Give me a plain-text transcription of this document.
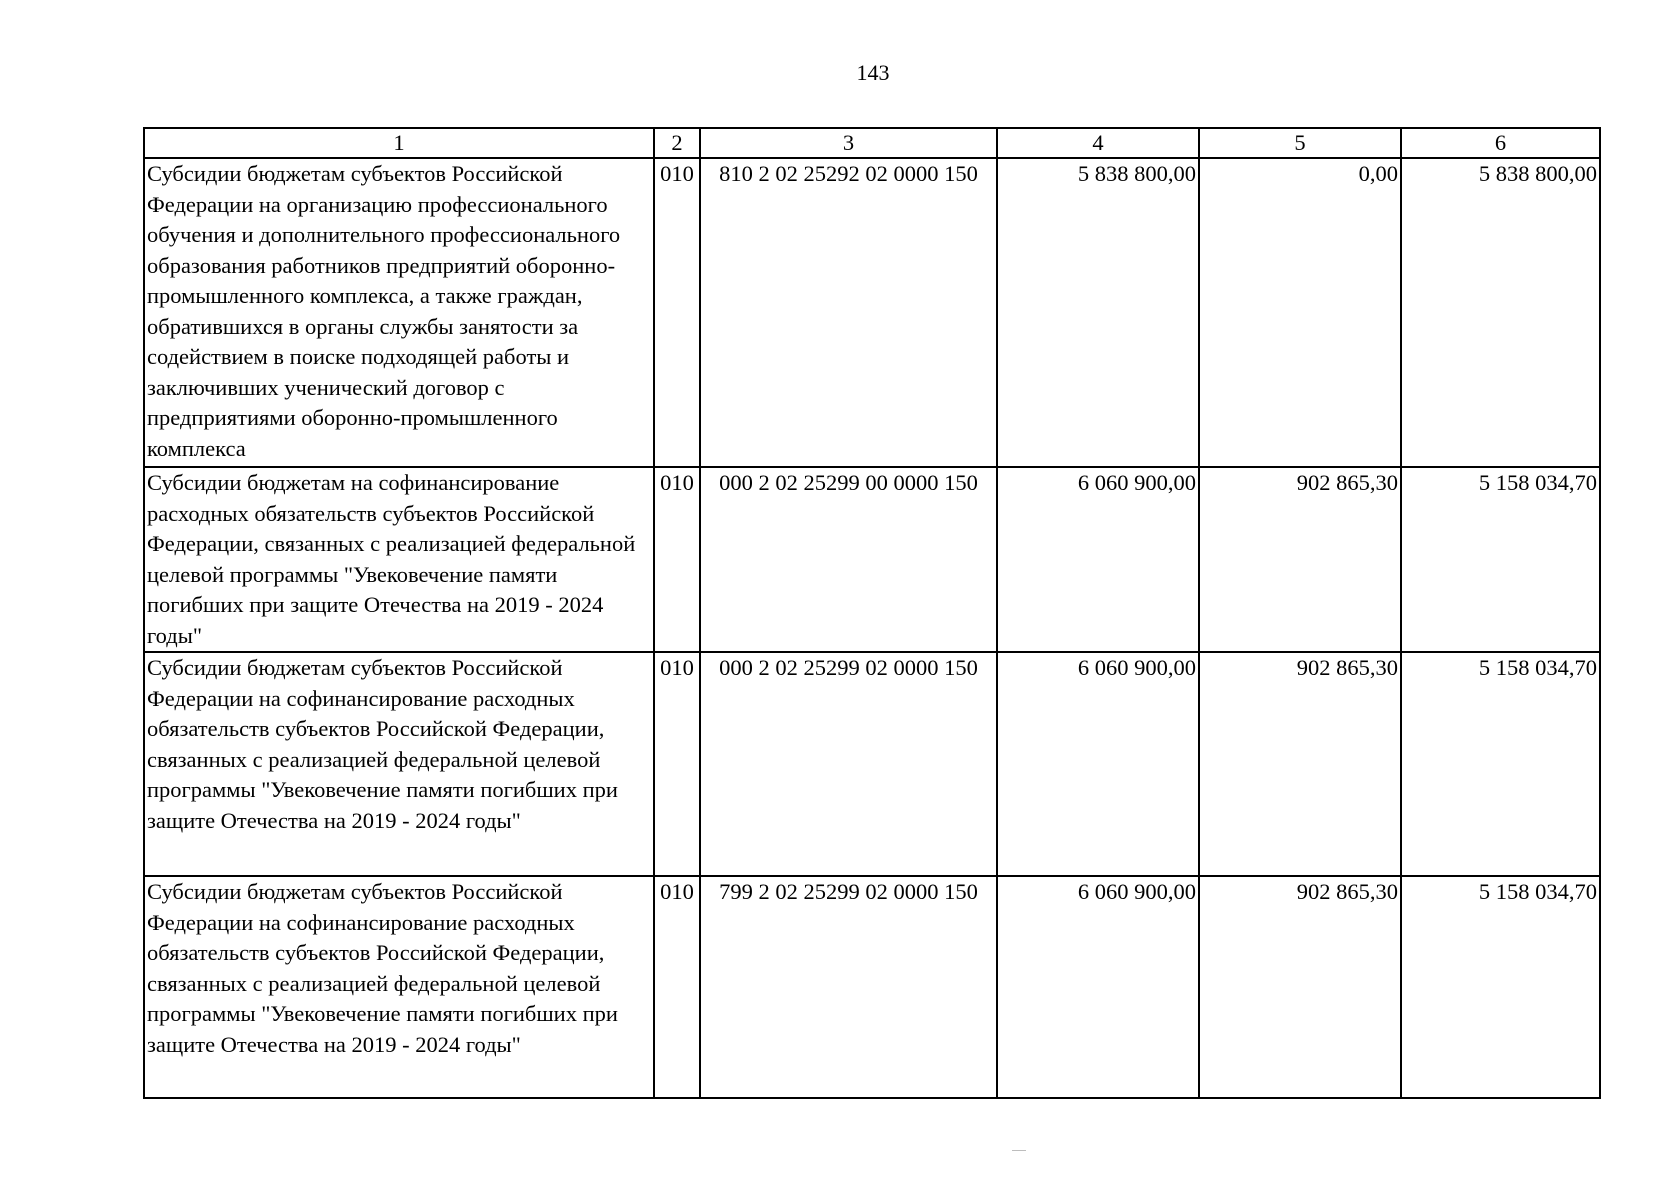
143
1	2	3	4	5	6
Субсидии бюджетам субъектов Российской Федерации на организацию профессионального обучения и дополнительного профессионального образования работников предприятий оборонно-промышленного комплекса, а также граждан, обратившихся в органы службы занятости за содействием в поиске подходящей работы и заключивших ученический договор с предприятиями оборонно-промышленного комплекса	010	810 2 02 25292 02 0000 150	5 838 800,00	0,00	5 838 800,00
Субсидии бюджетам на софинансирование расходных обязательств субъектов Российской Федерации, связанных с реализацией федеральной целевой программы "Увековечение памяти погибших при защите Отечества на 2019 - 2024 годы"	010	000 2 02 25299 00 0000 150	6 060 900,00	902 865,30	5 158 034,70
Субсидии бюджетам субъектов Российской Федерации на софинансирование расходных обязательств субъектов Российской Федерации, связанных с реализацией федеральной целевой программы "Увековечение памяти погибших при защите Отечества на 2019 - 2024 годы"	010	000 2 02 25299 02 0000 150	6 060 900,00	902 865,30	5 158 034,70
Субсидии бюджетам субъектов Российской Федерации на софинансирование расходных обязательств субъектов Российской Федерации, связанных с реализацией федеральной целевой программы "Увековечение памяти погибших при защите Отечества на 2019 - 2024 годы"	010	799 2 02 25299 02 0000 150	6 060 900,00	902 865,30	5 158 034,70
